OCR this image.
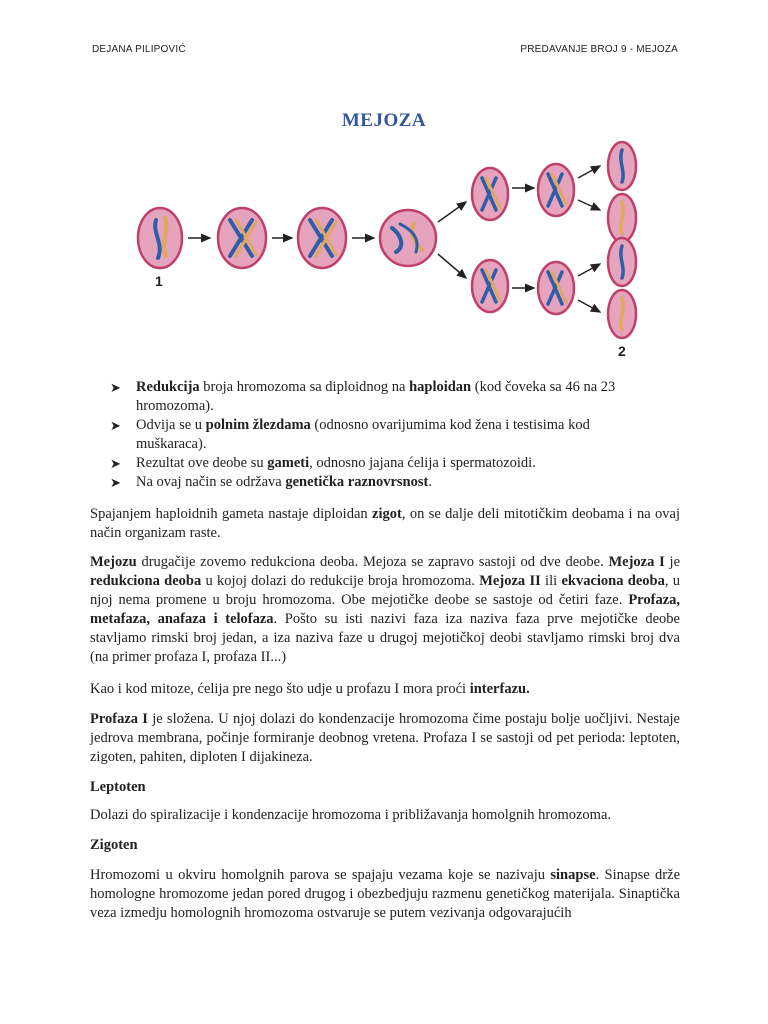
DEJANA PILIPOVIĆ	PREDAVANJE BROJ 9 - MEJOZA
MEJOZA
1
2
➤ Redukcija broja hromozoma sa diploidnog na haploidan (kod čoveka sa 46 na 23 hromozoma).
➤ Odvija se u polnim žlezdama (odnosno ovarijumima kod žena i testisima kod muškaraca).
➤ Rezultat ove deobe su gameti, odnosno jajana ćelija i spermatozoidi.
➤ Na ovaj način se održava genetička raznovrsnost.

Spajanjem haploidnih gameta nastaje diploidan zigot, on se dalje deli mitotičkim deobama i na ovaj način organizam raste.

Mejozu drugačije zovemo redukciona deoba. Mejoza se zapravo sastoji od dve deobe. Mejoza I je redukciona deoba u kojoj dolazi do redukcije broja hromozoma. Mejoza II ili ekvaciona deoba, u njoj nema promene u broju hromozoma. Obe mejotičke deobe se sastoje od četiri faze. Profaza, metafaza, anafaza i telofaza. Pošto su isti nazivi faza iza naziva faza prve mejotičke deobe stavljamo rimski broj jedan, a iza naziva faze u drugoj mejotičkoj deobi stavljamo rimski broj dva (na primer profaza I, profaza II...)

Kao i kod mitoze, ćelija pre nego što udje u profazu I mora proći interfazu.

Profaza I je složena. U njoj dolazi do kondenzacije hromozoma čime postaju bolje uočljivi. Nestaje jedrova membrana, počinje formiranje deobnog vretena. Profaza I se sastoji od pet perioda: leptoten, zigoten, pahiten, diploten I dijakineza.

Leptoten

Dolazi do spiralizacije i kondenzacije hromozoma i približavanja homolgnih hromozoma.

Zigoten

Hromozomi u okviru homolgnih parova se spajaju vezama koje se nazivaju sinapse. Sinapse drže homologne hromozome jedan pored drugog i obezbedjuju razmenu genetičkog materijala. Sinaptička veza izmedju homolognih hromozoma ostvaruje se putem vezivanja odgovarajućih
